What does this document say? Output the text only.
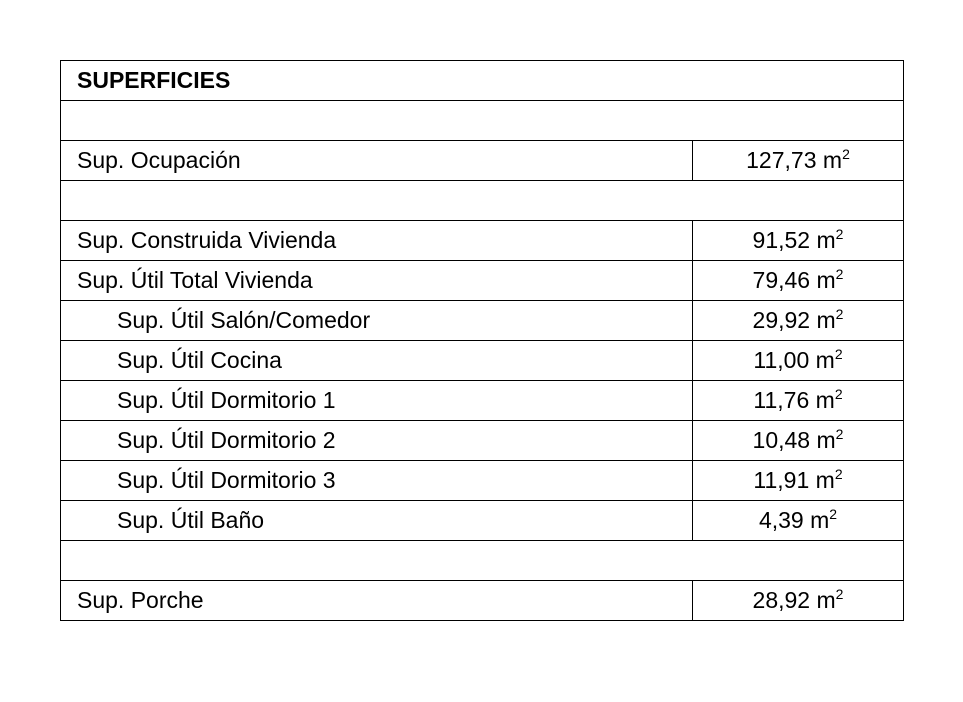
SUPERFICIES	

Sup. Ocupación	127,73 $m^2$

Sup. Construida Vivienda	91,52 $m^2$
Sup. Útil Total Vivienda	79,46 $m^2$
Sup. Útil Salón/Comedor	29,92 $m^2$
Sup. Útil Cocina	11,00 $m^2$
Sup. Útil Dormitorio 1	11,76 $m^2$
Sup. Útil Dormitorio 2	10,48 $m^2$
Sup. Útil Dormitorio 3	11,91 $m^2$
Sup. Útil Baño	4,39 $m^2$

Sup. Porche	28,92 $m^2$
